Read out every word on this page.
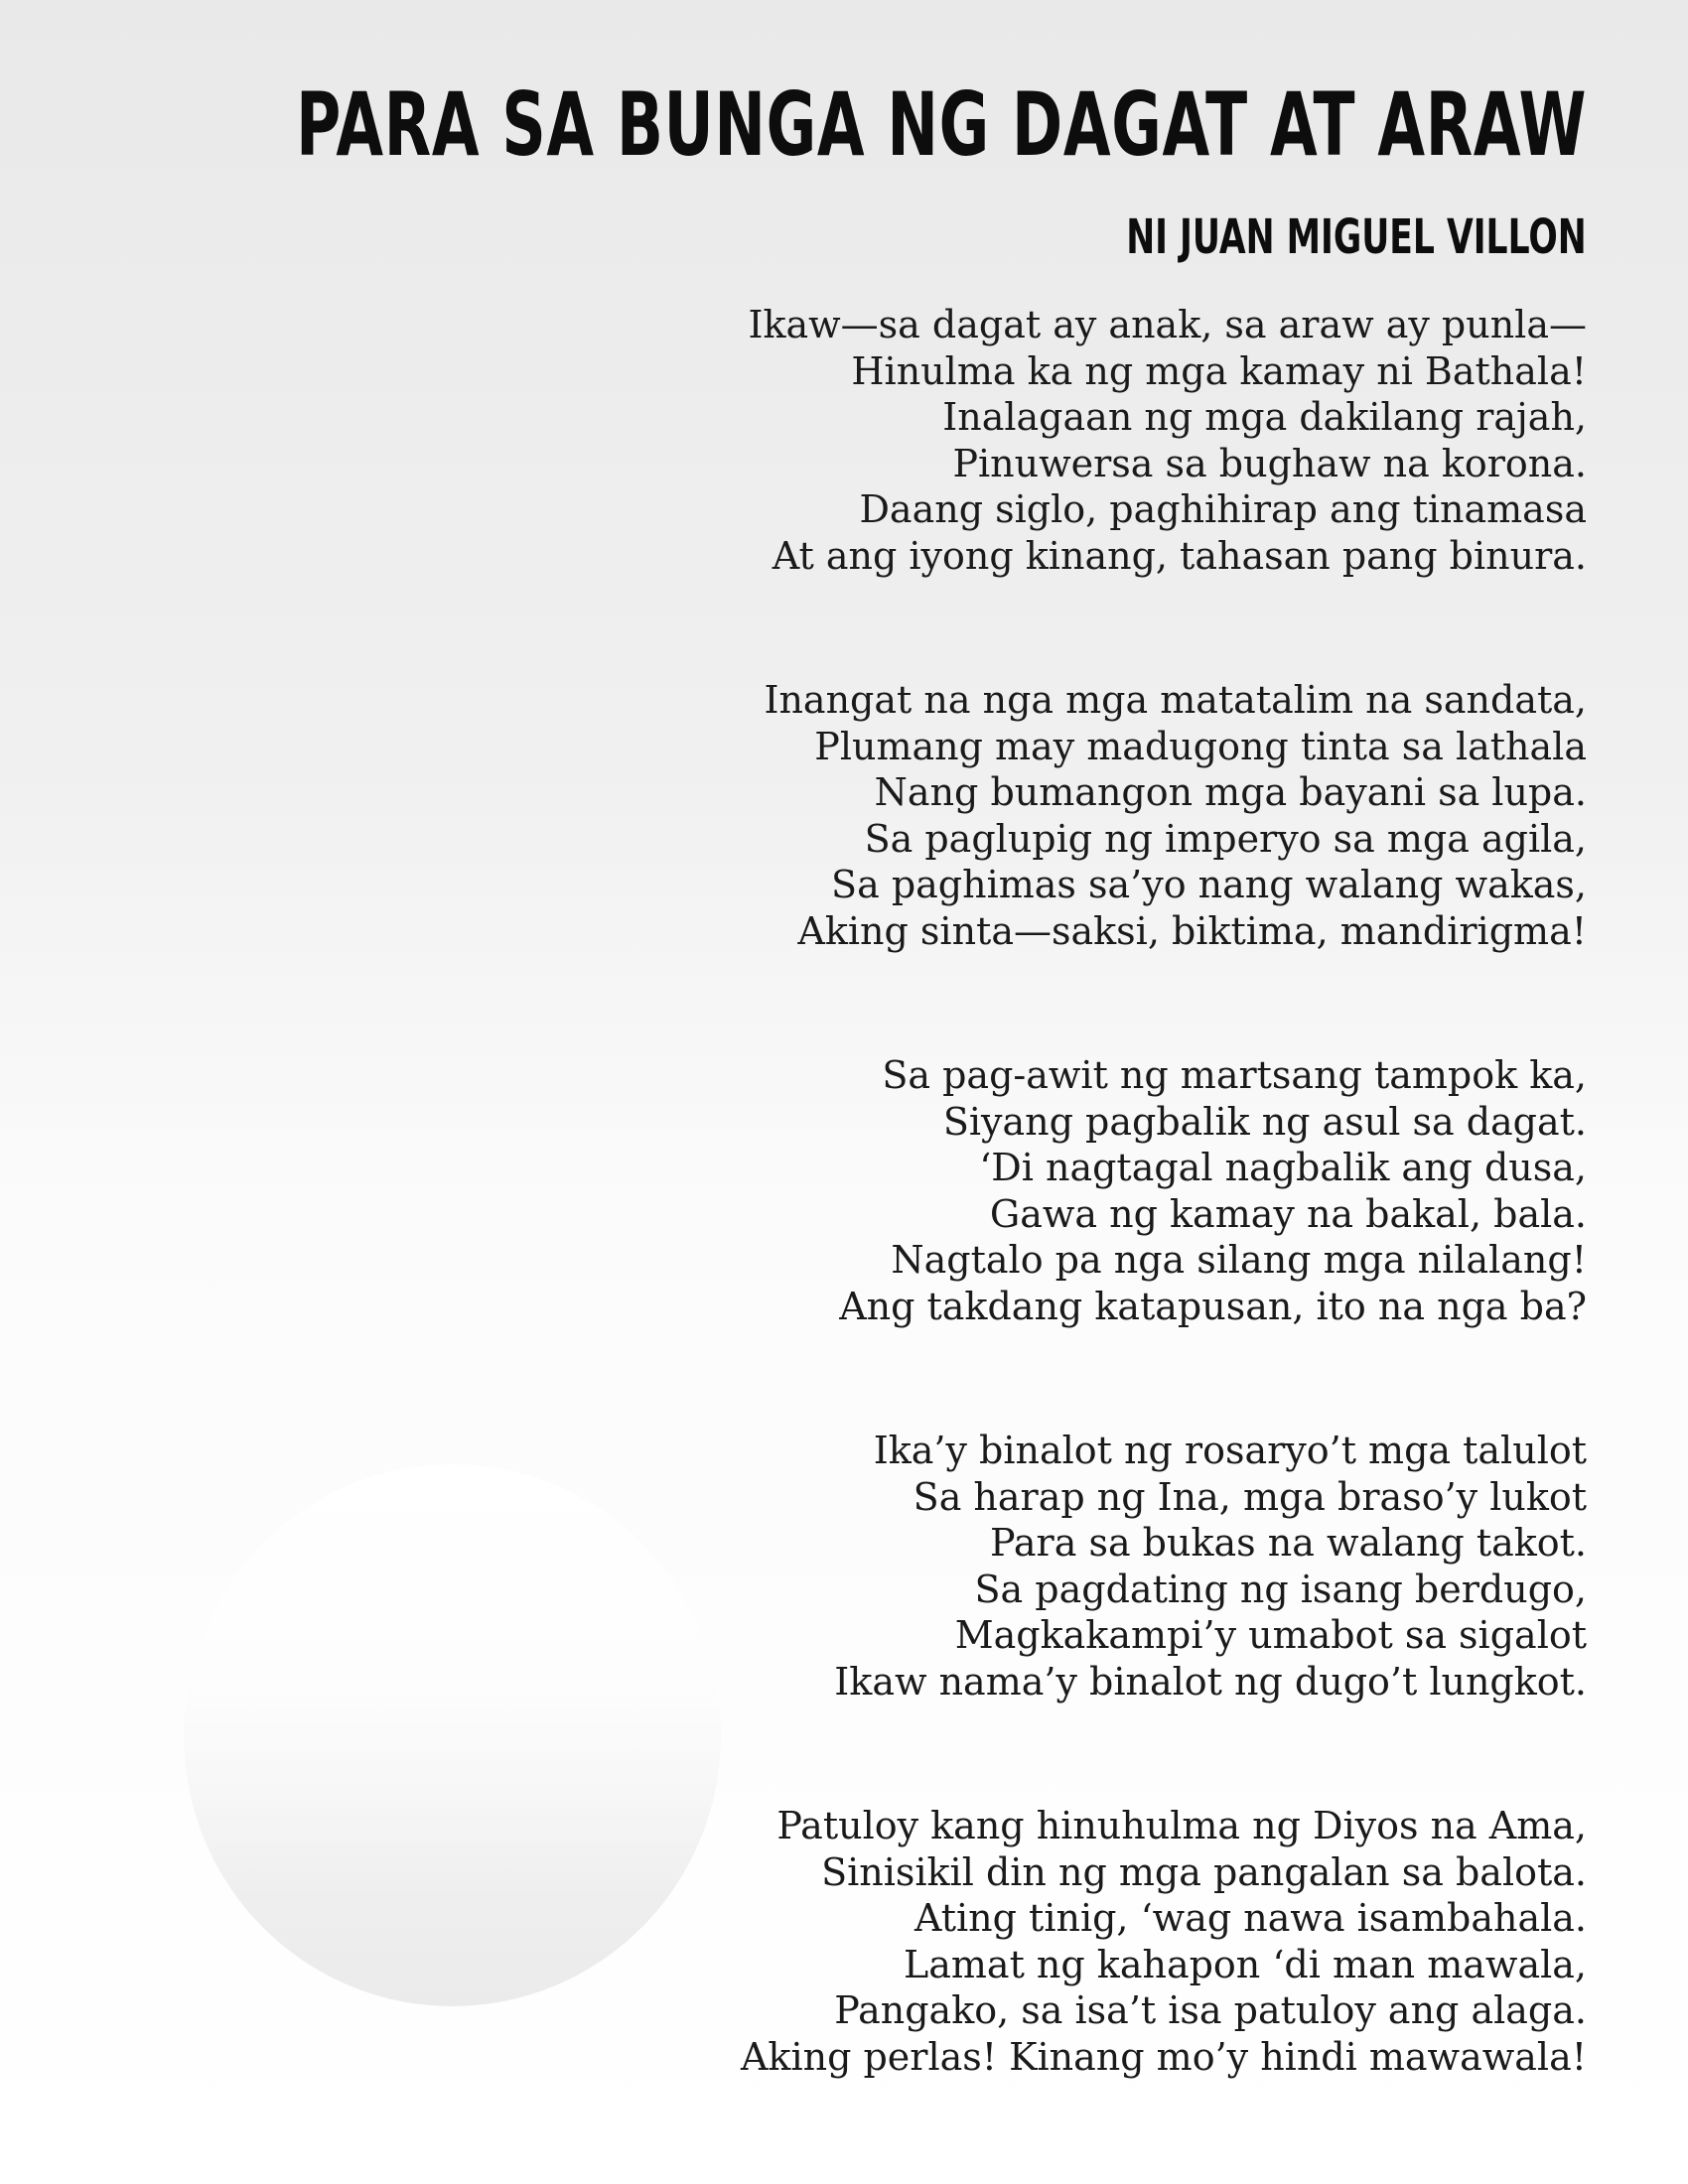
PARA SA BUNGA NG DAGAT AT ARAW
NI JUAN MIGUEL VILLON

Ikaw—sa dagat ay anak, sa araw ay punla—
Hinulma ka ng mga kamay ni Bathala!
Inalagaan ng mga dakilang rajah,
Pinuwersa sa bughaw na korona.
Daang siglo, paghihirap ang tinamasa
At ang iyong kinang, tahasan pang binura.

Inangat na nga mga matatalim na sandata,
Plumang may madugong tinta sa lathala
Nang bumangon mga bayani sa lupa.
Sa paglupig ng imperyo sa mga agila,
Sa paghimas sa’yo nang walang wakas,
Aking sinta—saksi, biktima, mandirigma!

Sa pag-awit ng martsang tampok ka,
Siyang pagbalik ng asul sa dagat.
‘Di nagtagal nagbalik ang dusa,
Gawa ng kamay na bakal, bala.
Nagtalo pa nga silang mga nilalang!
Ang takdang katapusan, ito na nga ba?

Ika’y binalot ng rosaryo’t mga talulot
Sa harap ng Ina, mga braso’y lukot
Para sa bukas na walang takot.
Sa pagdating ng isang berdugo,
Magkakampi’y umabot sa sigalot
Ikaw nama’y binalot ng dugo’t lungkot.

Patuloy kang hinuhulma ng Diyos na Ama,
Sinisikil din ng mga pangalan sa balota.
Ating tinig, ‘wag nawa isambahala.
Lamat ng kahapon ‘di man mawala,
Pangako, sa isa’t isa patuloy ang alaga.
Aking perlas! Kinang mo’y hindi mawawala!
